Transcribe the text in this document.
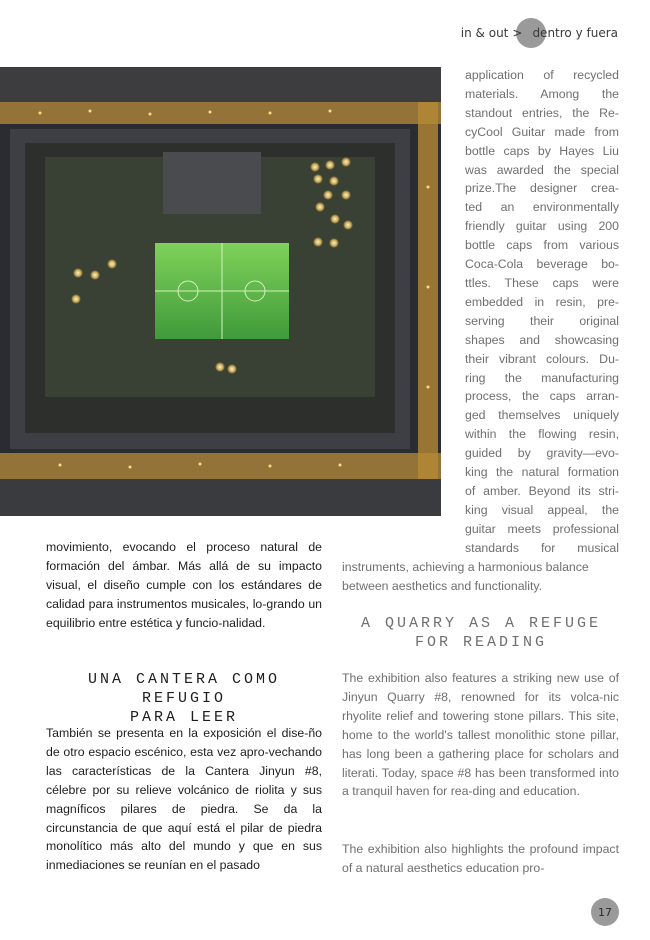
in & out > dentro y fuera
application of recycled
materials. Among the
standout entries, the Re-
cyCool Guitar made from
bottle caps by Hayes Liu
was awarded the special
prize.The designer crea-
ted an environmentally
friendly guitar using 200
bottle caps from various
Coca-Cola beverage bo-
ttles. These caps were
embedded in resin, pre-
serving their original
shapes and showcasing
their vibrant colours. Du-
ring the manufacturing
process, the caps arran-
ged themselves uniquely
within the flowing resin,
guided by gravity—evo-
king the natural formation
of amber. Beyond its stri-
king visual appeal, the
guitar meets professional
standards for musical

instruments, achieving a harmonious balance between aesthetics and functionality.

movimiento, evocando el proceso natural de formación del ámbar. Más allá de su impacto visual, el diseño cumple con los estándares de calidad para instrumentos musicales, lo-grando un equilibrio entre estética y funcio-nalidad.

UNA CANTERA COMO REFUGIO
PARA LEER
A QUARRY AS A REFUGE
FOR READING

También se presenta en la exposición el dise-ño de otro espacio escénico, esta vez apro-vechando las características de la Cantera Jinyun #8, célebre por su relieve volcánico de riolita y sus magníficos pilares de piedra. Se da la circunstancia de que aquí está el pilar de piedra monolítico más alto del mundo y que en sus inmediaciones se reunían en el pasado

The exhibition also features a striking new use of Jinyun Quarry #8, renowned for its volca-nic rhyolite relief and towering stone pillars. This site, home to the world's tallest monolithic stone pillar, has long been a gathering place for scholars and literati. Today, space #8 has been transformed into a tranquil haven for rea-ding and education.

The exhibition also highlights the profound impact of a natural aesthetics education pro-

17
